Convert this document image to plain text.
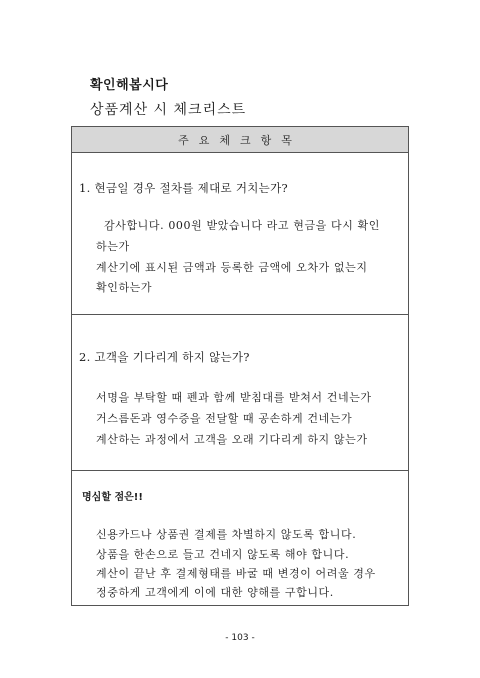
확인해봅시다
상품계산 시 체크리스트
주요체크항목
1. 현금일 경우 절차를 제대로 거치는가?
감사합니다. 000원 받았습니다 라고 현금을 다시 확인
하는가
계산기에 표시된 금액과 등록한 금액에 오차가 없는지
확인하는가
2. 고객을 기다리게 하지 않는가?
서명을 부탁할 때 펜과 함께 받침대를 받쳐서 건네는가
거스름돈과 영수증을 전달할 때 공손하게 건네는가
계산하는 과정에서 고객을 오래 기다리게 하지 않는가
명심할 점은!!
신용카드나 상품권 결제를 차별하지 않도록 합니다.
상품을 한손으로 들고 건네지 않도록 해야 합니다.
계산이 끝난 후 결제형태를 바굴 때 변경이 어려울 경우
정중하게 고객에게 이에 대한 양해를 구합니다.
- 103 -
